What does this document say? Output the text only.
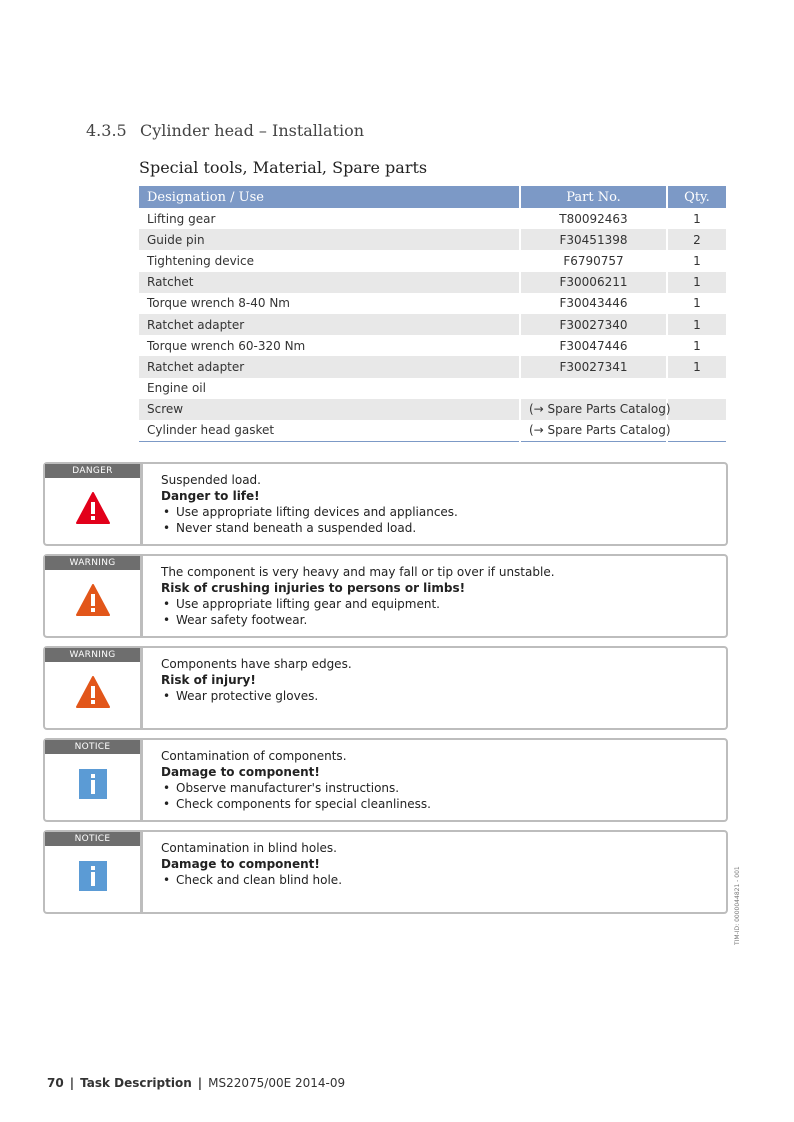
4.3.5 Cylinder head – Installation
Special tools, Material, Spare parts
Designation / Use	Part No.	Qty.
Lifting gear	T80092463	1
Guide pin	F30451398	2
Tightening device	F6790757	1
Ratchet	F30006211	1
Torque wrench 8-40 Nm	F30043446	1
Ratchet adapter	F30027340	1
Torque wrench 60-320 Nm	F30047446	1
Ratchet adapter	F30027341	1
Engine oil		
Screw	(→ Spare Parts Catalog)	
Cylinder head gasket	(→ Spare Parts Catalog)	
DANGER
Suspended load.
Danger to life!
• Use appropriate lifting devices and appliances.
• Never stand beneath a suspended load.
WARNING
The component is very heavy and may fall or tip over if unstable.
Risk of crushing injuries to persons or limbs!
• Use appropriate lifting gear and equipment.
• Wear safety footwear.
WARNING
Components have sharp edges.
Risk of injury!
• Wear protective gloves.
NOTICE
Contamination of components.
Damage to component!
• Observe manufacturer's instructions.
• Check components for special cleanliness.
NOTICE
Contamination in blind holes.
Damage to component!
• Check and clean blind hole.	TIM-ID: 0000044821 - 001
70 | Task Description | MS22075/00E 2014-09
